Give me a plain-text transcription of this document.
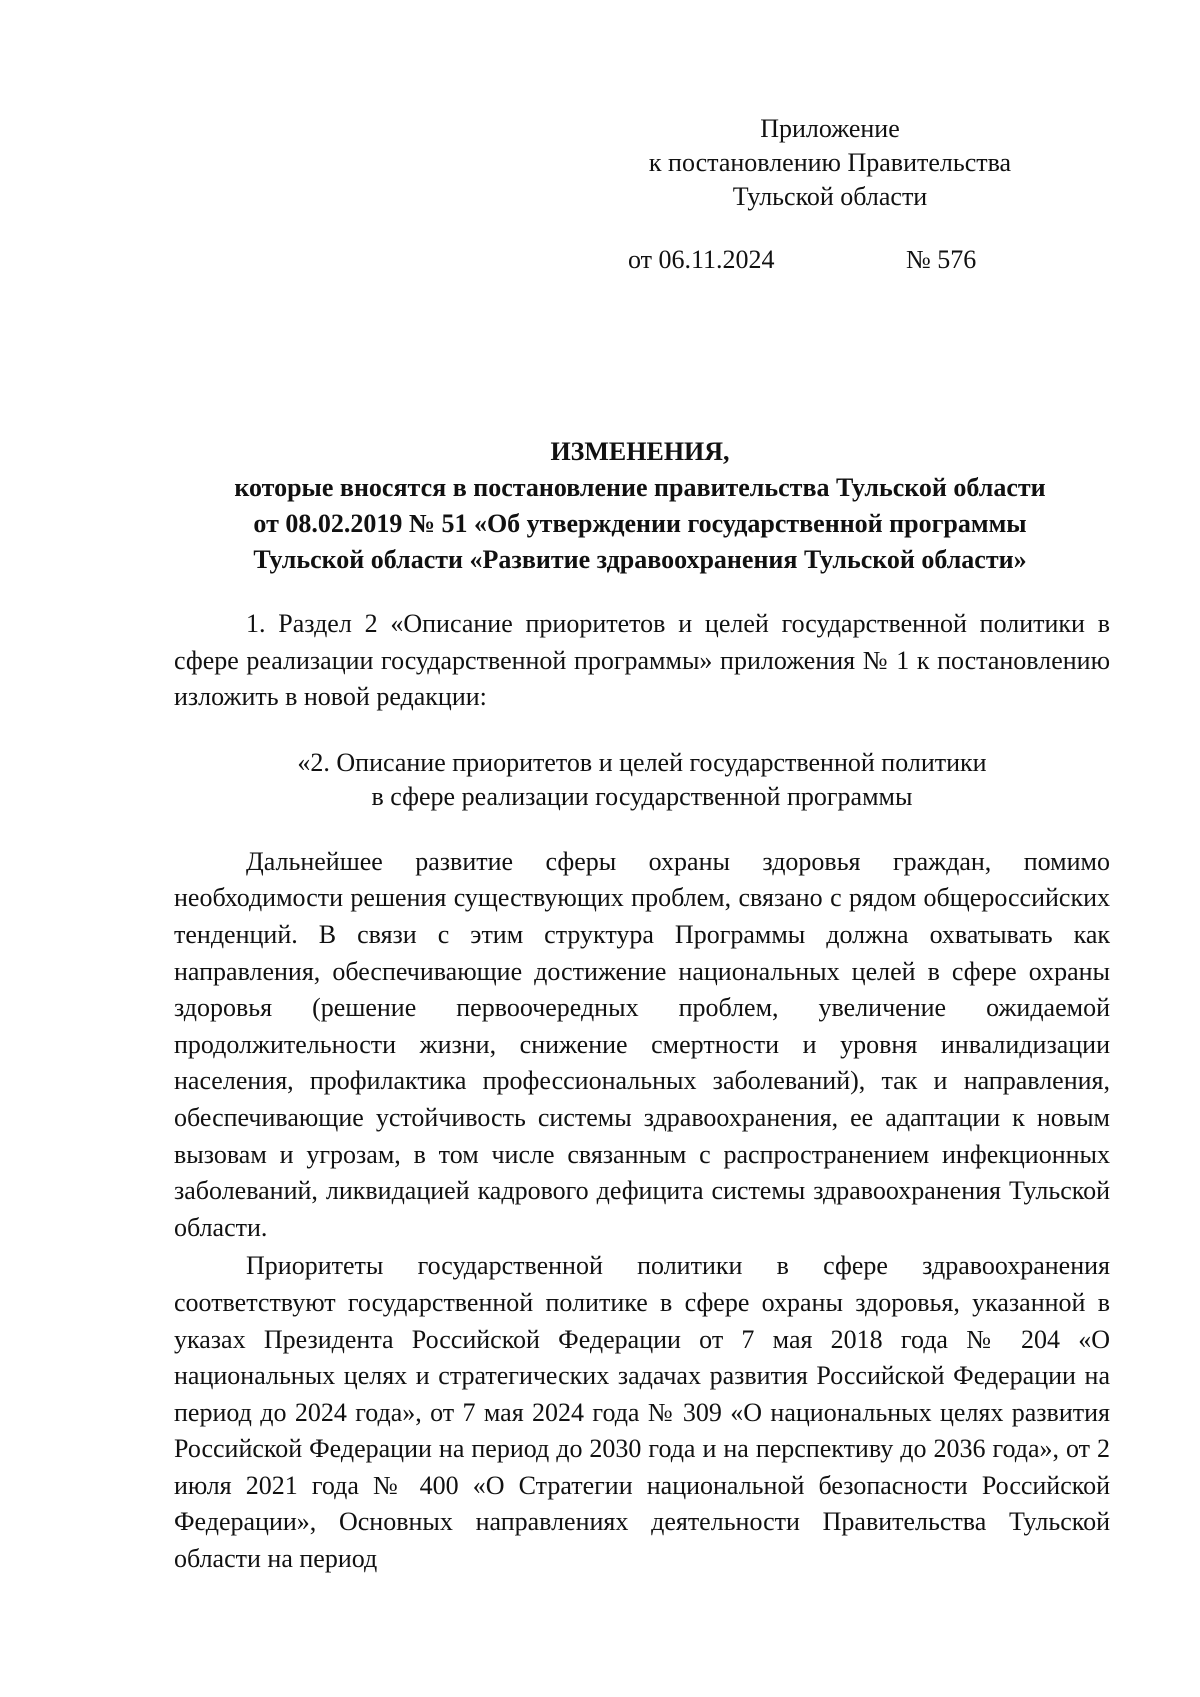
Приложение
к постановлению Правительства
Тульской области
от 06.11.2024	№ 576
ИЗМЕНЕНИЯ,
которые вносятся в постановление правительства Тульской области
от 08.02.2019 № 51 «Об утверждении государственной программы
Тульской области «Развитие здравоохранения Тульской области»

1. Раздел 2 «Описание приоритетов и целей государственной политики в сфере реализации государственной программы» приложения № 1 к постановлению изложить в новой редакции:

«2. Описание приоритетов и целей государственной политики
в сфере реализации государственной программы

Дальнейшее развитие сферы охраны здоровья граждан, помимо необходимости решения существующих проблем, связано с рядом общероссийских тенденций. В связи с этим структура Программы должна охватывать как направления, обеспечивающие достижение национальных целей в сфере охраны здоровья (решение первоочередных проблем, увеличение ожидаемой продолжительности жизни, снижение смертности и уровня инвалидизации населения, профилактика профессиональных заболеваний), так и направления, обеспечивающие устойчивость системы здравоохранения, ее адаптации к новым вызовам и угрозам, в том числе связанным с распространением инфекционных заболеваний, ликвидацией кадрового дефицита системы здравоохранения Тульской области.

Приоритеты государственной политики в сфере здравоохранения соответствуют государственной политике в сфере охраны здоровья, указанной в указах Президента Российской Федерации от 7 мая 2018 года № 204 «О национальных целях и стратегических задачах развития Российской Федерации на период до 2024 года», от 7 мая 2024 года № 309 «О национальных целях развития Российской Федерации на период до 2030 года и на перспективу до 2036 года», от 2 июля 2021 года № 400 «О Стратегии национальной безопасности Российской Федерации», Основных направлениях деятельности Правительства Тульской области на период
